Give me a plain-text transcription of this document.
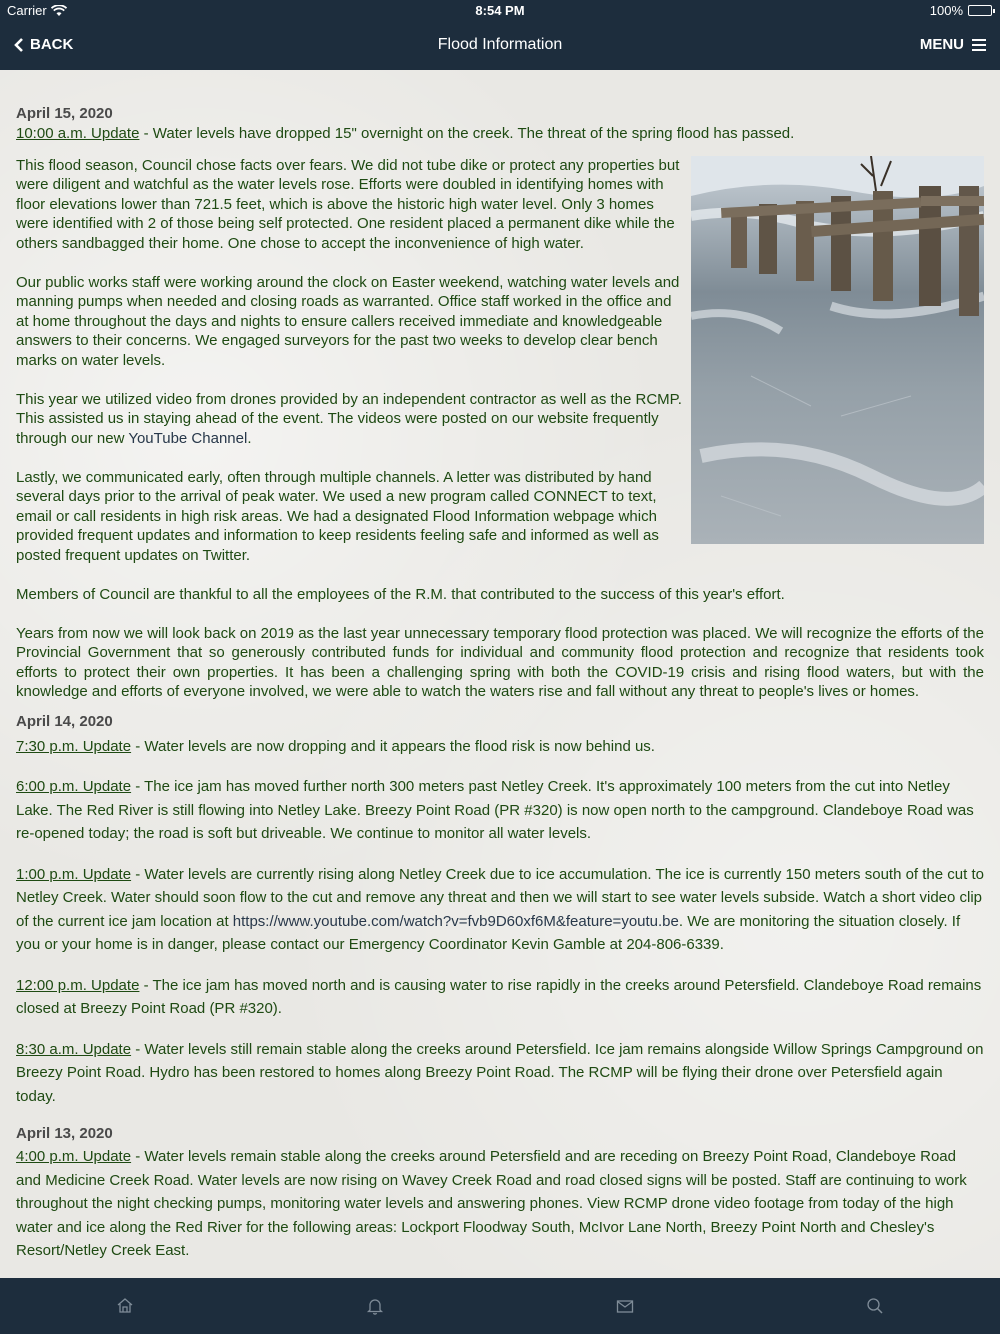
Carrier	8:54 PM	100%
BACK	Flood Information	MENU
April 15, 2020

10:00 a.m. Update - Water levels have dropped 15" overnight on the creek. The threat of the spring flood has passed.

This flood season, Council chose facts over fears. We did not tube dike or protect any properties but were diligent and watchful as the water levels rose. Efforts were doubled in identifying homes with floor elevations lower than 721.5 feet, which is above the historic high water level. Only 3 homes were identified with 2 of those being self protected. One resident placed a permanent dike while the others sandbagged their home. One chose to accept the inconvenience of high water.

Our public works staff were working around the clock on Easter weekend, watching water levels and manning pumps when needed and closing roads as warranted. Office staff worked in the office and at home throughout the days and nights to ensure callers received immediate and knowledgeable answers to their concerns. We engaged surveyors for the past two weeks to develop clear bench marks on water levels.

This year we utilized video from drones provided by an independent contractor as well as the RCMP. This assisted us in staying ahead of the event. The videos were posted on our website frequently through our new YouTube Channel.

Lastly, we communicated early, often through multiple channels. A letter was distributed by hand several days prior to the arrival of peak water. We used a new program called CONNECT to text, email or call residents in high risk areas. We had a designated Flood Information webpage which provided frequent updates and information to keep residents feeling safe and informed as well as posted frequent updates on Twitter.

Members of Council are thankful to all the employees of the R.M. that contributed to the success of this year's effort.

Years from now we will look back on 2019 as the last year unnecessary temporary flood protection was placed. We will recognize the efforts of the Provincial Government that so generously contributed funds for individual and community flood protection and recognize that residents took efforts to protect their own properties. It has been a challenging spring with both the COVID-19 crisis and rising flood waters, but with the knowledge and efforts of everyone involved, we were able to watch the waters rise and fall without any threat to people's lives or homes.

April 14, 2020

7:30 p.m. Update - Water levels are now dropping and it appears the flood risk is now behind us.

6:00 p.m. Update - The ice jam has moved further north 300 meters past Netley Creek. It's approximately 100 meters from the cut into Netley Lake. The Red River is still flowing into Netley Lake. Breezy Point Road (PR #320) is now open north to the campground. Clandeboye Road was re-opened today; the road is soft but driveable. We continue to monitor all water levels.

1:00 p.m. Update - Water levels are currently rising along Netley Creek due to ice accumulation. The ice is currently 150 meters south of the cut to Netley Creek. Water should soon flow to the cut and remove any threat and then we will start to see water levels subside. Watch a short video clip of the current ice jam location at https://www.youtube.com/watch?v=fvb9D60xf6M&feature=youtu.be. We are monitoring the situation closely. If you or your home is in danger, please contact our Emergency Coordinator Kevin Gamble at 204-806-6339.

12:00 p.m. Update - The ice jam has moved north and is causing water to rise rapidly in the creeks around Petersfield. Clandeboye Road remains closed at Breezy Point Road (PR #320).

8:30 a.m. Update - Water levels still remain stable along the creeks around Petersfield. Ice jam remains alongside Willow Springs Campground on Breezy Point Road. Hydro has been restored to homes along Breezy Point Road. The RCMP will be flying their drone over Petersfield again today.

April 13, 2020

4:00 p.m. Update - Water levels remain stable along the creeks around Petersfield and are receding on Breezy Point Road, Clandeboye Road and Medicine Creek Road. Water levels are now rising on Wavey Creek Road and road closed signs will be posted. Staff are continuing to work throughout the night checking pumps, monitoring water levels and answering phones. View RCMP drone video footage from today of the high water and ice along the Red River for the following areas: Lockport Floodway South, McIvor Lane North, Breezy Point North and Chesley's Resort/Netley Creek East.
